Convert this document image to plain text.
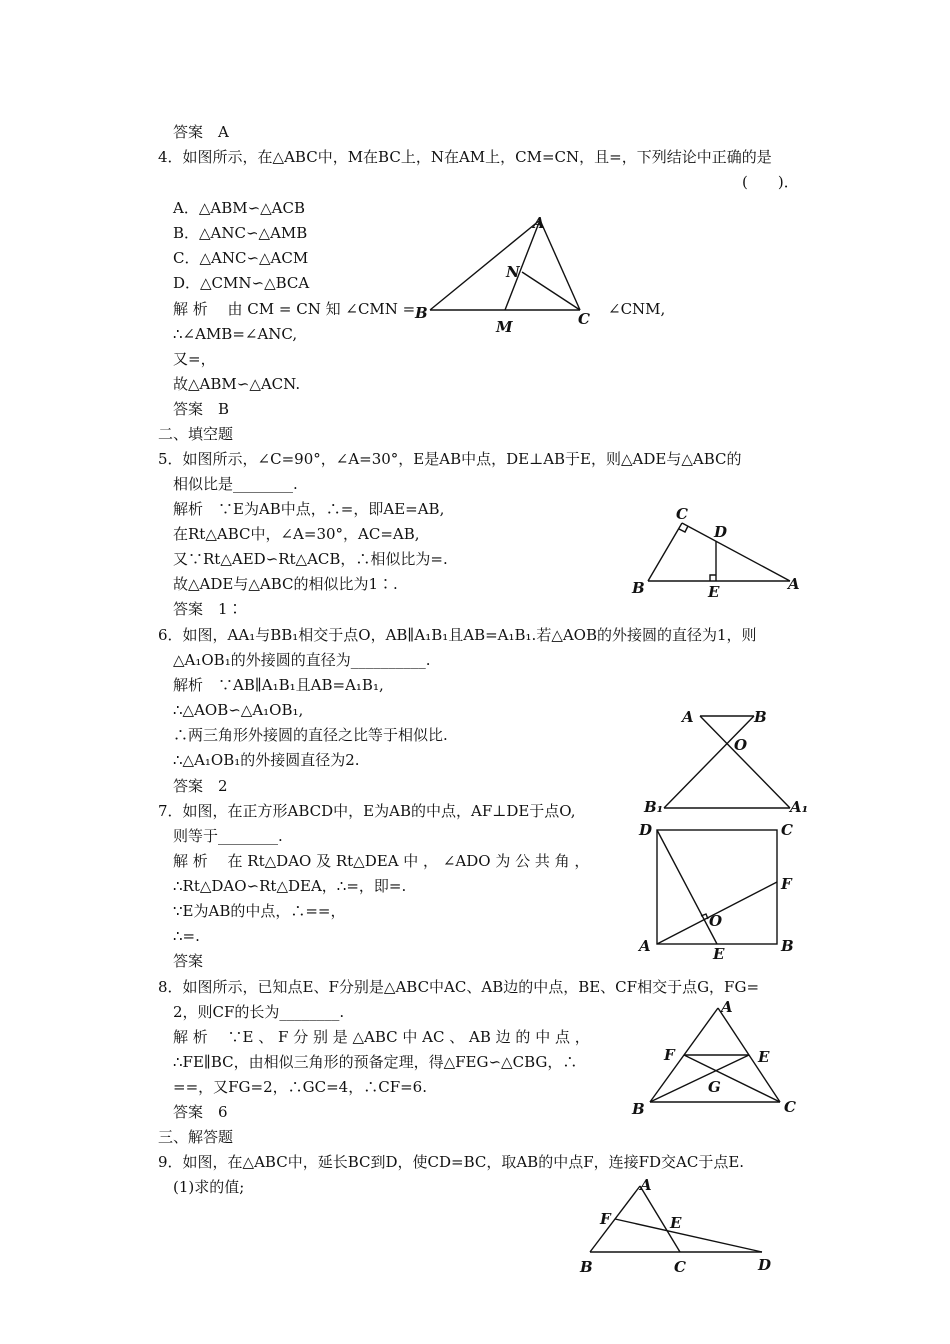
答案　A
4．如图所示，在△ABC中，M在BC上，N在AM上，CM=CN，且=，下列结论中正确的是
(　　)．
A．△ABM∽△ACB
B．△ANC∽△AMB
C．△ANC∽△ACM
D．△CMN∽△BCA
解 析　 由 CM = CN 知 ∠CMN =	∠CNM,
∴∠AMB=∠ANC,
又=，
故△ABM∽△ACN.
答案　B
A
B	C
M
N
二、填空题
5．如图所示，∠C=90°，∠A=30°，E是AB中点，DE⊥AB于E，则△ADE与△ABC的
相似比是________.
解析　∵E为AB中点，∴=，即AE=AB,
在Rt△ABC中，∠A=30°，AC=AB,
又∵Rt△AED∽Rt△ACB，∴相似比为=.
故△ADE与△ABC的相似比为1∶.
答案　1∶
C
D
B	E	A
6．如图，AA₁与BB₁相交于点O，AB∥A₁B₁且AB=A₁B₁.若△AOB的外接圆的直径为1，则
△A₁OB₁的外接圆的直径为__________.
解析　∵AB∥A₁B₁且AB=A₁B₁,
∴△AOB∽△A₁OB₁,
∴两三角形外接圆的直径之比等于相似比.
∴△A₁OB₁的外接圆直径为2.
答案　2
A	B
O
B₁	A₁
7．如图，在正方形ABCD中，E为AB的中点，AF⊥DE于点O,
则等于________.
解 析　 在 Rt△DAO 及 Rt△DEA 中 ， ∠ADO 为 公 共 角 ，
∴Rt△DAO∽Rt△DEA，∴=，即=.
∵E为AB的中点，∴==，
∴=.
答案
D	C
F
O
A	E	B
8．如图所示，已知点E、F分别是△ABC中AC、AB边的中点，BE、CF相交于点G，FG=
2，则CF的长为________.
解 析　 ∵E 、 F 分 别 是 △ABC 中 AC 、 AB 边 的 中 点 ，
∴FE∥BC，由相似三角形的预备定理，得△FEG∽△CBG，∴
==，又FG=2，∴GC=4，∴CF=6.
答案　6
A
F	E
G
B	C
三、解答题
9．如图，在△ABC中，延长BC到D，使CD=BC，取AB的中点F，连接FD交AC于点E.
(1)求的值;	A
F	E
B	C	D
